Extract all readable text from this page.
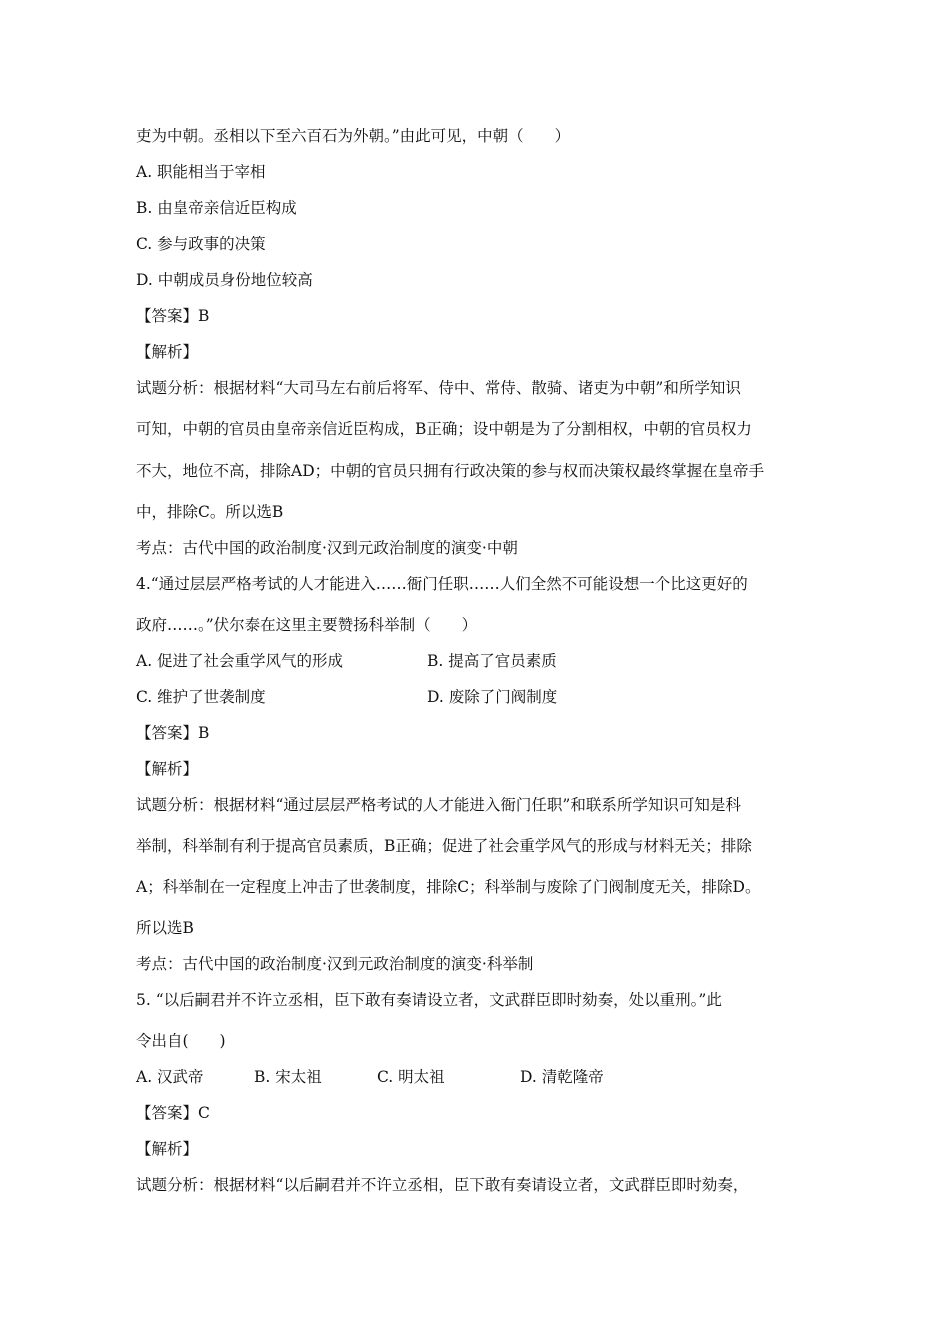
吏为中朝。丞相以下至六百石为外朝。”由此可见，中朝（　　）
A. 职能相当于宰相
B. 由皇帝亲信近臣构成
C. 参与政事的决策
D. 中朝成员身份地位较高
【答案】B
【解析】
试题分析：根据材料“大司马左右前后将军、侍中、常侍、散骑、诸吏为中朝”和所学知识
可知，中朝的官员由皇帝亲信近臣构成，B正确；设中朝是为了分割相权，中朝的官员权力
不大，地位不高，排除AD；中朝的官员只拥有行政决策的参与权而决策权最终掌握在皇帝手
中，排除C。所以选B
考点：古代中国的政治制度·汉到元政治制度的演变·中朝
4.“通过层层严格考试的人才能进入……衙门任职……人们全然不可能设想一个比这更好的
政府……。”伏尔泰在这里主要赞扬科举制（　　）
A. 促进了社会重学风气的形成	B. 提高了官员素质
C. 维护了世袭制度	D. 废除了门阀制度
【答案】B
【解析】
试题分析：根据材料“通过层层严格考试的人才能进入衙门任职”和联系所学知识可知是科
举制，科举制有利于提高官员素质，B正确；促进了社会重学风气的形成与材料无关；排除
A；科举制在一定程度上冲击了世袭制度，排除C；科举制与废除了门阀制度无关，排除D。
所以选B
考点：古代中国的政治制度·汉到元政治制度的演变·科举制
5. “以后嗣君并不许立丞相，臣下敢有奏请设立者，文武群臣即时劾奏，处以重刑。”此
令出自(　　)
A. 汉武帝	B. 宋太祖	C. 明太祖	D. 清乾隆帝
【答案】C
【解析】
试题分析：根据材料“以后嗣君并不许立丞相，臣下敢有奏请设立者，文武群臣即时劾奏，
